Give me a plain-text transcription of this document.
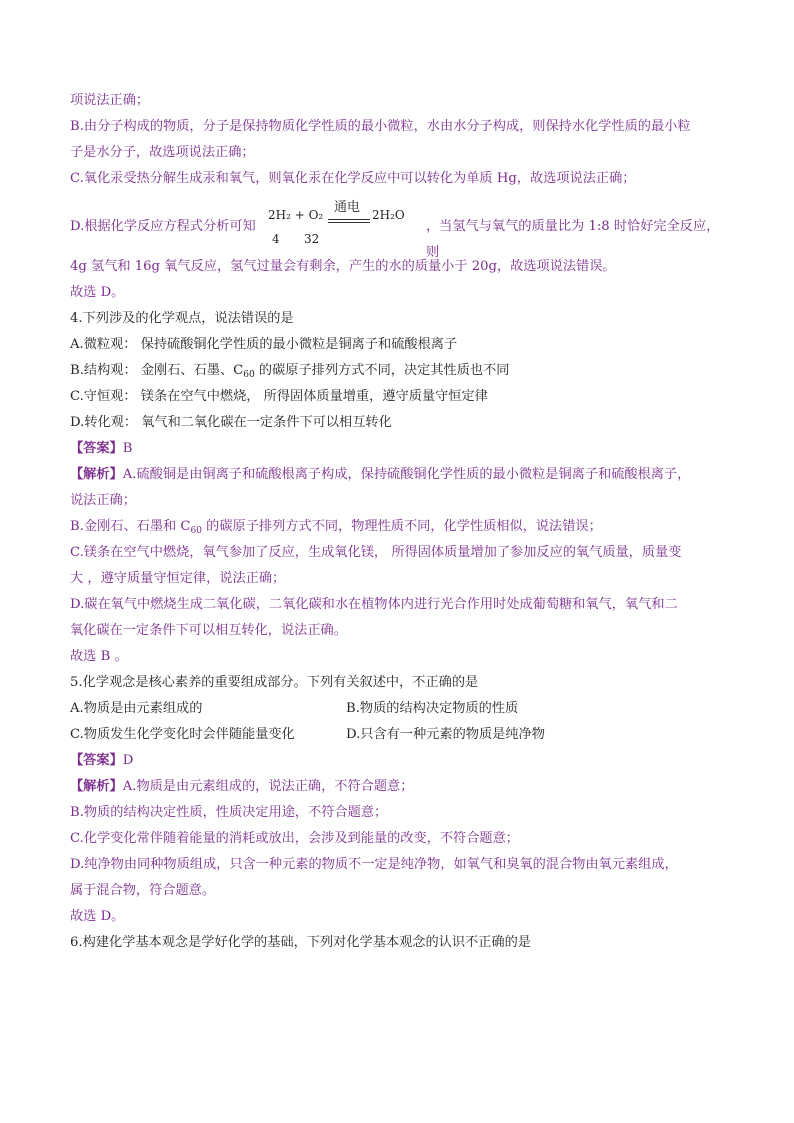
项说法正确；
B.由分子构成的物质，分子是保持物质化学性质的最小微粒，水由水分子构成，则保持水化学性质的最小粒
子是水分子，故选项说法正确；
C.氧化汞受热分解生成汞和氧气，则氧化汞在化学反应中可以转化为单质 Hg，故选项说法正确；
D.根据化学反应方程式分析可知
通电
2H₂ + O₂	2H₂O
4 32
，当氢气与氧气的质量比为 1:8 时恰好完全反应，则
4g 氢气和 16g 氧气反应，氢气过量会有剩余，产生的水的质量小于 20g，故选项说法错误。
故选 D。
4.下列涉及的化学观点，说法错误的是
A.微粒观： 保持硫酸铜化学性质的最小微粒是铜离子和硫酸根离子
B.结构观： 金刚石、石墨、$C_{60}$ 的碳原子排列方式不同，决定其性质也不同
C.守恒观： 镁条在空气中燃烧， 所得固体质量增重，遵守质量守恒定律
D.转化观： 氧气和二氧化碳在一定条件下可以相互转化
【答案】B
【解析】A.硫酸铜是由铜离子和硫酸根离子构成，保持硫酸铜化学性质的最小微粒是铜离子和硫酸根离子，
说法正确；
B.金刚石、石墨和 $C_{60}$ 的碳原子排列方式不同，物理性质不同，化学性质相似，说法错误；
C.镁条在空气中燃烧，氧气参加了反应，生成氧化镁， 所得固体质量增加了参加反应的氧气质量，质量变
大 ，遵守质量守恒定律，说法正确；
D.碳在氧气中燃烧生成二氧化碳，二氧化碳和水在植物体内进行光合作用时处成葡萄糖和氧气，氧气和二
氧化碳在一定条件下可以相互转化，说法正确。
故选 B 。
5.化学观念是核心素养的重要组成部分。下列有关叙述中，不正确的是
A.物质是由元素组成的	B.物质的结构决定物质的性质
C.物质发生化学变化时会伴随能量变化	D.只含有一种元素的物质是纯净物
【答案】D
【解析】A.物质是由元素组成的，说法正确，不符合题意；
B.物质的结构决定性质，性质决定用途，不符合题意；
C.化学变化常伴随着能量的消耗或放出，会涉及到能量的改变，不符合题意；
D.纯净物由同种物质组成，只含一种元素的物质不一定是纯净物，如氧气和臭氧的混合物由氧元素组成，
属于混合物，符合题意。
故选 D。
6.构建化学基本观念是学好化学的基础，下列对化学基本观念的认识不正确的是
